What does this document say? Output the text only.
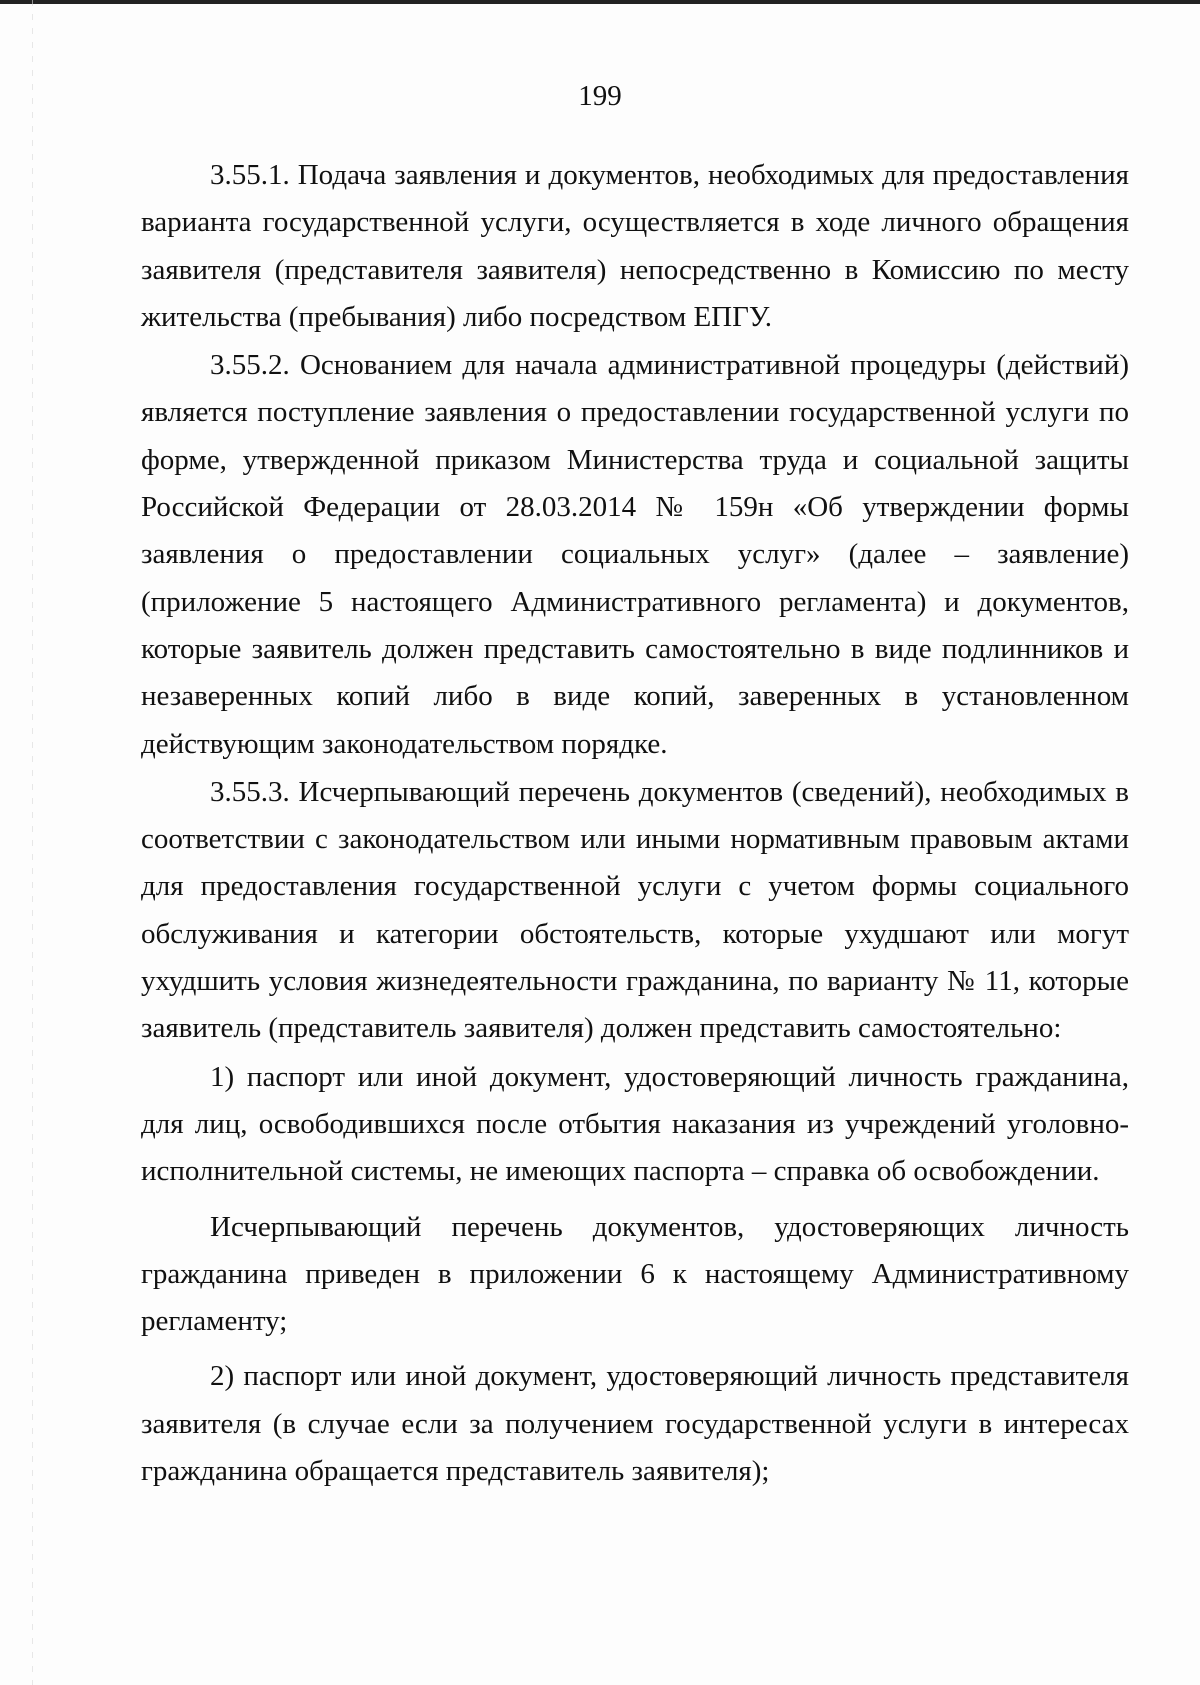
199

3.55.1. Подача заявления и документов, необходимых для предоставления варианта государственной услуги, осуществляется в ходе личного обращения заявителя (представителя заявителя) непосредственно в Комиссию по месту жительства (пребывания) либо посредством ЕПГУ.

3.55.2. Основанием для начала административной процедуры (действий) является поступление заявления о предоставлении государственной услуги по форме, утвержденной приказом Министерства труда и социальной защиты Российской Федерации от 28.03.2014 № 159н «Об утверждении формы заявления о предоставлении социальных услуг» (далее – заявление) (приложение 5 настоящего Административного регламента) и документов, которые заявитель должен представить самостоятельно в виде подлинников и незаверенных копий либо в виде копий, заверенных в установленном действующим законодательством порядке.

3.55.3. Исчерпывающий перечень документов (сведений), необходимых в соответствии с законодательством или иными нормативным правовым актами для предоставления государственной услуги с учетом формы социального обслуживания и категории обстоятельств, которые ухудшают или могут ухудшить условия жизнедеятельности гражданина, по варианту № 11, которые заявитель (представитель заявителя) должен представить самостоятельно:

1) паспорт или иной документ, удостоверяющий личность гражданина, для лиц, освободившихся после отбытия наказания из учреждений уголовно-исполнительной системы, не имеющих паспорта – справка об освобождении.

Исчерпывающий перечень документов, удостоверяющих личность гражданина приведен в приложении 6 к настоящему Административному регламенту;

2) паспорт или иной документ, удостоверяющий личность представителя заявителя (в случае если за получением государственной услуги в интересах гражданина обращается представитель заявителя);
